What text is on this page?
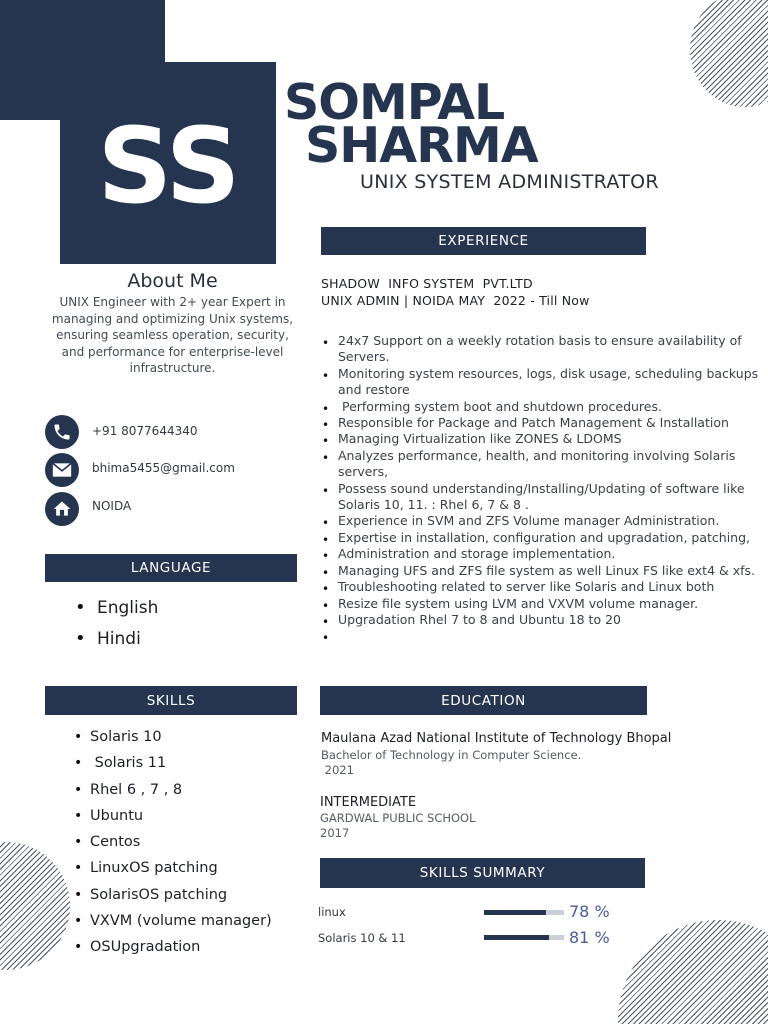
SS
SOMPAL
SHARMA
UNIX SYSTEM ADMINISTRATOR
About Me
UNIX Engineer with 2+ year Expert in managing and optimizing Unix systems, ensuring seamless operation, security, and performance for enterprise-level infrastructure.
+91 8077644340
bhima5455@gmail.com
NOIDA
LANGUAGE
• English
• Hindi
SKILLS
• Solaris 10
•  Solaris 11
• Rhel 6 , 7 , 8
• Ubuntu
• Centos
• LinuxOS patching
• SolarisOS patching
• VXVM (volume manager)
• OSUpgradation
EXPERIENCE
SHADOW  INFO SYSTEM  PVT.LTD
UNIX ADMIN | NOIDA MAY  2022 - Till Now
• 24x7 Support on a weekly rotation basis to ensure availability of Servers.
• Monitoring system resources, logs, disk usage, scheduling backups and restore
•  Performing system boot and shutdown procedures.
• Responsible for Package and Patch Management & Installation
• Managing Virtualization like ZONES & LDOMS
• Analyzes performance, health, and monitoring involving Solaris servers,
• Possess sound understanding/Installing/Updating of software like Solaris 10, 11. : Rhel 6, 7 & 8 .
• Experience in SVM and ZFS Volume manager Administration.
• Expertise in installation, configuration and upgradation, patching,
• Administration and storage implementation.
• Managing UFS and ZFS file system as well Linux FS like ext4 & xfs.
• Troubleshooting related to server like Solaris and Linux both
• Resize file system using LVM and VXVM volume manager.
• Upgradation Rhel 7 to 8 and Ubuntu 18 to 20
•
EDUCATION
Maulana Azad National Institute of Technology Bhopal
Bachelor of Technology in Computer Science.
2021
INTERMEDIATE
GARDWAL PUBLIC SCHOOL
2017
SKILLS SUMMARY
linux	78 %
Solaris 10 & 11	81 %
